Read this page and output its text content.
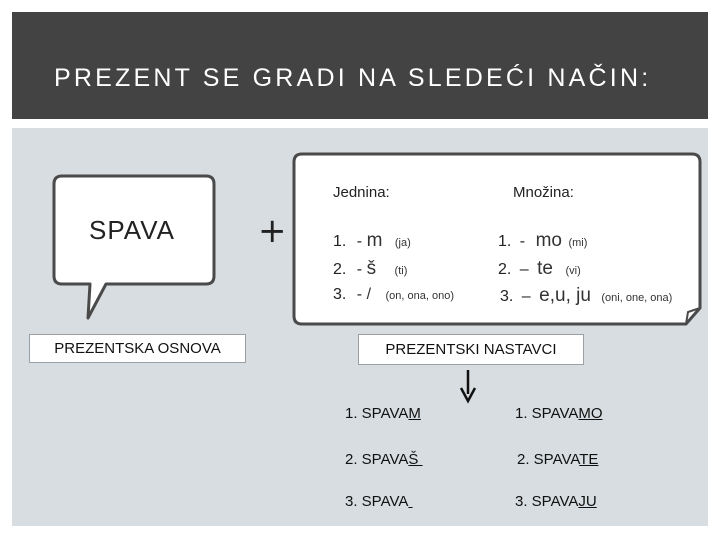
PREZENT SE GRADI NA SLEDEĆI NAČIN:
SPAVA
PREZENTSKA OSNOVA
+
Jednina:	Množina:
1. - m (ja)
2. - š (ti)
3. - / (on, ona, ono)
1. - mo (mi)
2. – te (vi)
3. – e,u, ju (oni, one, ona)
PREZENTSKI NASTAVCI
1. SPAVAM
2. SPAVAŠ
3. SPAVA
1. SPAVAMO
2. SPAVATE
3. SPAVAJU
